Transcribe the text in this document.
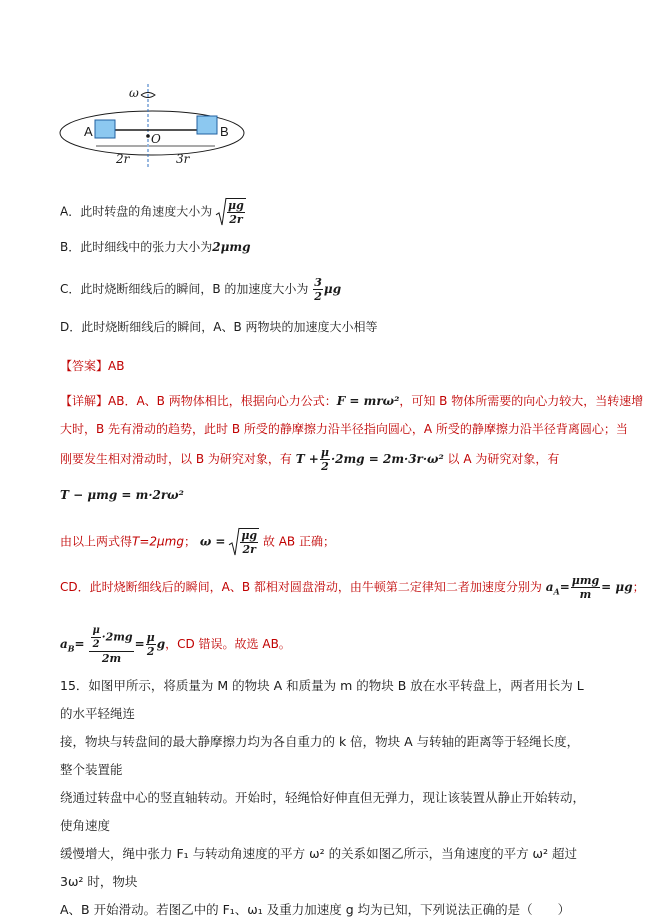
ω
A	B
O
2r	3r
A．此时转盘的角速度大小为 $\frac{\mu g}{2r}$
B．此时细线中的张力大小为2μmg
C．此时烧断细线后的瞬间，B 的加速度大小为 $\frac{3}{2}$ μg
D．此时烧断细线后的瞬间，A、B 两物块的加速度大小相等
【答案】AB
【详解】AB．A、B 两物体相比，根据向心力公式：F = mrω²，可知 B 物体所需要的向心力较大，当转速增
大时，B 先有滑动的趋势，此时 B 所受的静摩擦力沿半径指向圆心，A 所受的静摩擦力沿半径背离圆心；当
刚要发生相对滑动时，以 B 为研究对象，有 $T + \frac{\mu}{2} \cdot 2mg = 2m\cdot 3r\cdot\omega^2$ 以 A 为研究对象，有
T − μmg = m·2rω²
由以上两式得T=2μmg； $\omega = \frac{\mu g}{2r}$ 故 AB 正确；
CD．此时烧断细线后的瞬间，A、B 都相对圆盘滑动，由牛顿第二定律知二者加速度分别为 $a_A= \frac{\text{μmg}}{m} = \mu g$；
$a_B= \frac{\frac{\mu}{2} \cdot 2mg}{2m} = \frac{\mu}{2}$ g，CD 错误。故选 AB。
15．如图甲所示，将质量为 M 的物块 A 和质量为 m 的物块 B 放在水平转盘上，两者用长为 L 的水平轻绳连
接，物块与转盘间的最大静摩擦力均为各自重力的 k 倍，物块 A 与转轴的距离等于轻绳长度，整个装置能
绕通过转盘中心的竖直轴转动。开始时，轻绳恰好伸直但无弹力，现让该装置从静止开始转动，使角速度
缓慢增大，绳中张力 F₁ 与转动角速度的平方 ω² 的关系如图乙所示，当角速度的平方 ω² 超过 3ω² 时，物块
A、B 开始滑动。若图乙中的 F₁、ω₁ 及重力加速度 g 均为已知，下列说法正确的是（　　）
